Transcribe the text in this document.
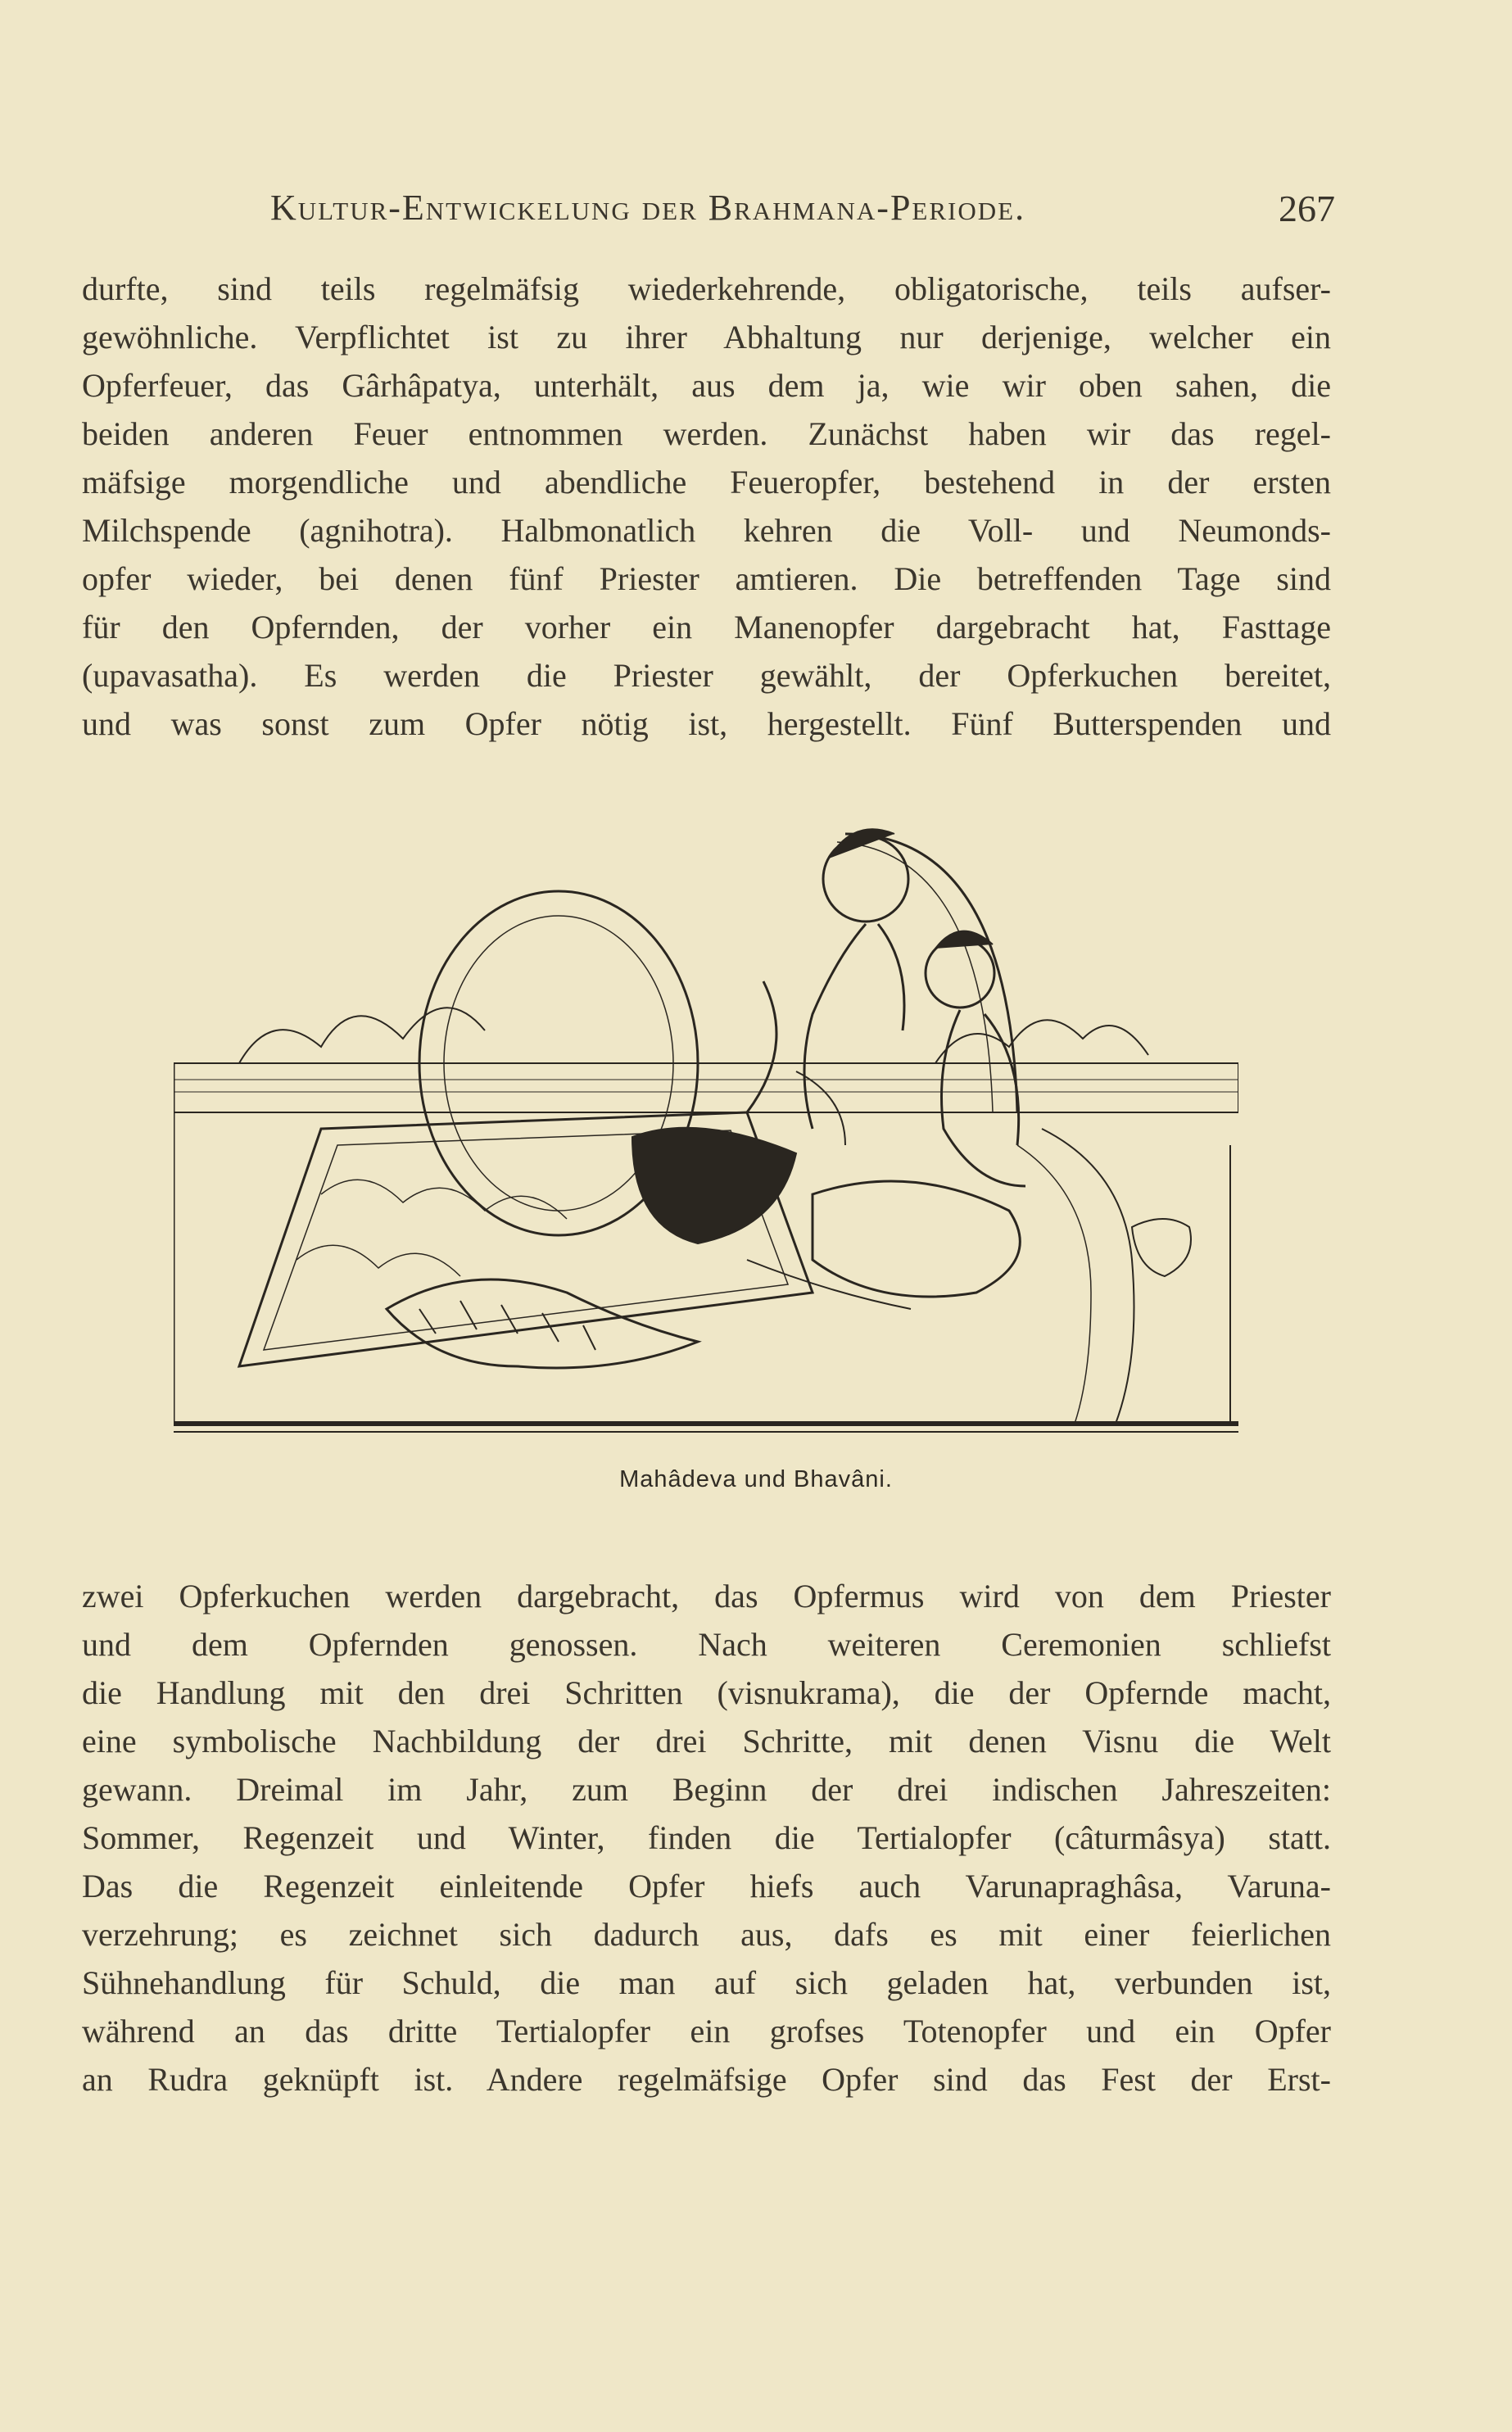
Kultur-Entwickelung der Brahmana-Periode.	267
durfte, sind teils regelmäfsig wiederkehrende, obligatorische, teils aufser-
gewöhnliche. Verpflichtet ist zu ihrer Abhaltung nur derjenige, welcher ein
Opferfeuer, das Gârhâpatya, unterhält, aus dem ja, wie wir oben sahen, die
beiden anderen Feuer entnommen werden. Zunächst haben wir das regel-
mäfsige morgendliche und abendliche Feueropfer, bestehend in der ersten
Milchspende (agnihotra). Halbmonatlich kehren die Voll- und Neumonds-
opfer wieder, bei denen fünf Priester amtieren. Die betreffenden Tage sind
für den Opfernden, der vorher ein Manenopfer dargebracht hat, Fasttage
(upavasatha). Es werden die Priester gewählt, der Opferkuchen bereitet,
und was sonst zum Opfer nötig ist, hergestellt. Fünf Butterspenden und
Mahâdeva und Bhavâni.
zwei Opferkuchen werden dargebracht, das Opfermus wird von dem Priester
und dem Opfernden genossen. Nach weiteren Ceremonien schliefst
die Handlung mit den drei Schritten (visnukrama), die der Opfernde macht,
eine symbolische Nachbildung der drei Schritte, mit denen Visnu die Welt
gewann. Dreimal im Jahr, zum Beginn der drei indischen Jahreszeiten:
Sommer, Regenzeit und Winter, finden die Tertialopfer (câturmâsya) statt.
Das die Regenzeit einleitende Opfer hiefs auch Varunapraghâsa, Varuna-
verzehrung; es zeichnet sich dadurch aus, dafs es mit einer feierlichen
Sühnehandlung für Schuld, die man auf sich geladen hat, verbunden ist,
während an das dritte Tertialopfer ein grofses Totenopfer und ein Opfer
an Rudra geknüpft ist. Andere regelmäfsige Opfer sind das Fest der Erst-
